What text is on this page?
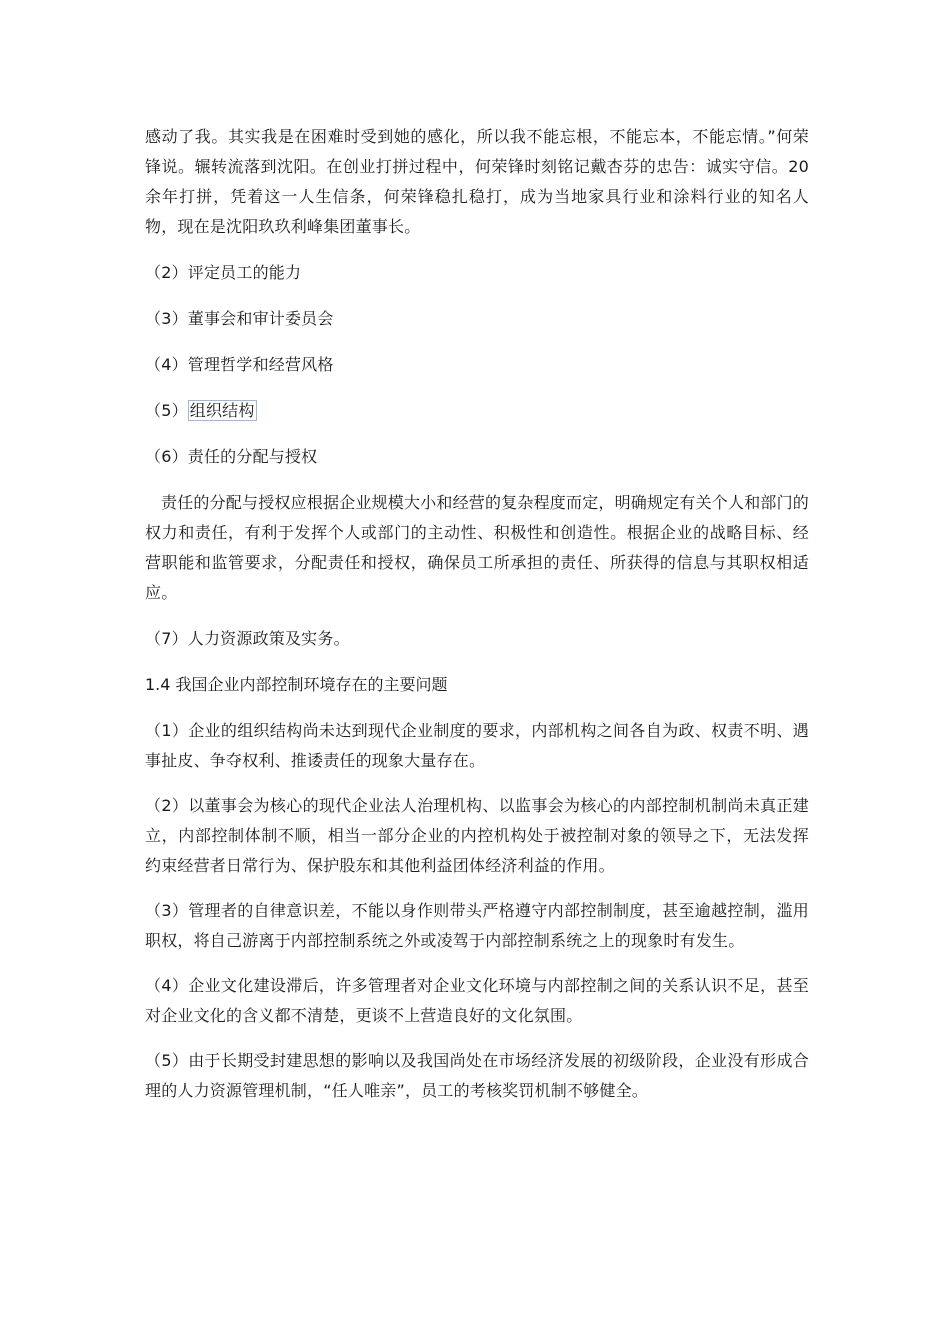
感动了我。其实我是在困难时受到她的感化，所以我不能忘根，不能忘本，不能忘情。”何荣锋说。辗转流落到沈阳。在创业打拼过程中，何荣锋时刻铭记戴杏芬的忠告：诚实守信。20余年打拼，凭着这一人生信条，何荣锋稳扎稳打，成为当地家具行业和涂料行业的知名人物，现在是沈阳玖玖利峰集团董事长。

（2）评定员工的能力

（3）董事会和审计委员会

（4）管理哲学和经营风格

（5） 组织结构

（6）责任的分配与授权

责任的分配与授权应根据企业规模大小和经营的复杂程度而定，明确规定有关个人和部门的权力和责任，有利于发挥个人或部门的主动性、积极性和创造性。根据企业的战略目标、经营职能和监管要求，分配责任和授权，确保员工所承担的责任、所获得的信息与其职权相适应。

（7）人力资源政策及实务。

1.4 我国企业内部控制环境存在的主要问题

（1）企业的组织结构尚未达到现代企业制度的要求，内部机构之间各自为政、权责不明、遇事扯皮、争夺权利、推诿责任的现象大量存在。

（2）以董事会为核心的现代企业法人治理机构、以监事会为核心的内部控制机制尚未真正建立，内部控制体制不顺，相当一部分企业的内控机构处于被控制对象的领导之下，无法发挥约束经营者日常行为、保护股东和其他利益团体经济利益的作用。

（3）管理者的自律意识差，不能以身作则带头严格遵守内部控制制度，甚至逾越控制，滥用职权，将自己游离于内部控制系统之外或凌驾于内部控制系统之上的现象时有发生。

（4）企业文化建设滞后，许多管理者对企业文化环境与内部控制之间的关系认识不足，甚至对企业文化的含义都不清楚，更谈不上营造良好的文化氛围。

（5）由于长期受封建思想的影响以及我国尚处在市场经济发展的初级阶段，企业没有形成合理的人力资源管理机制，“任人唯亲”，员工的考核奖罚机制不够健全。
